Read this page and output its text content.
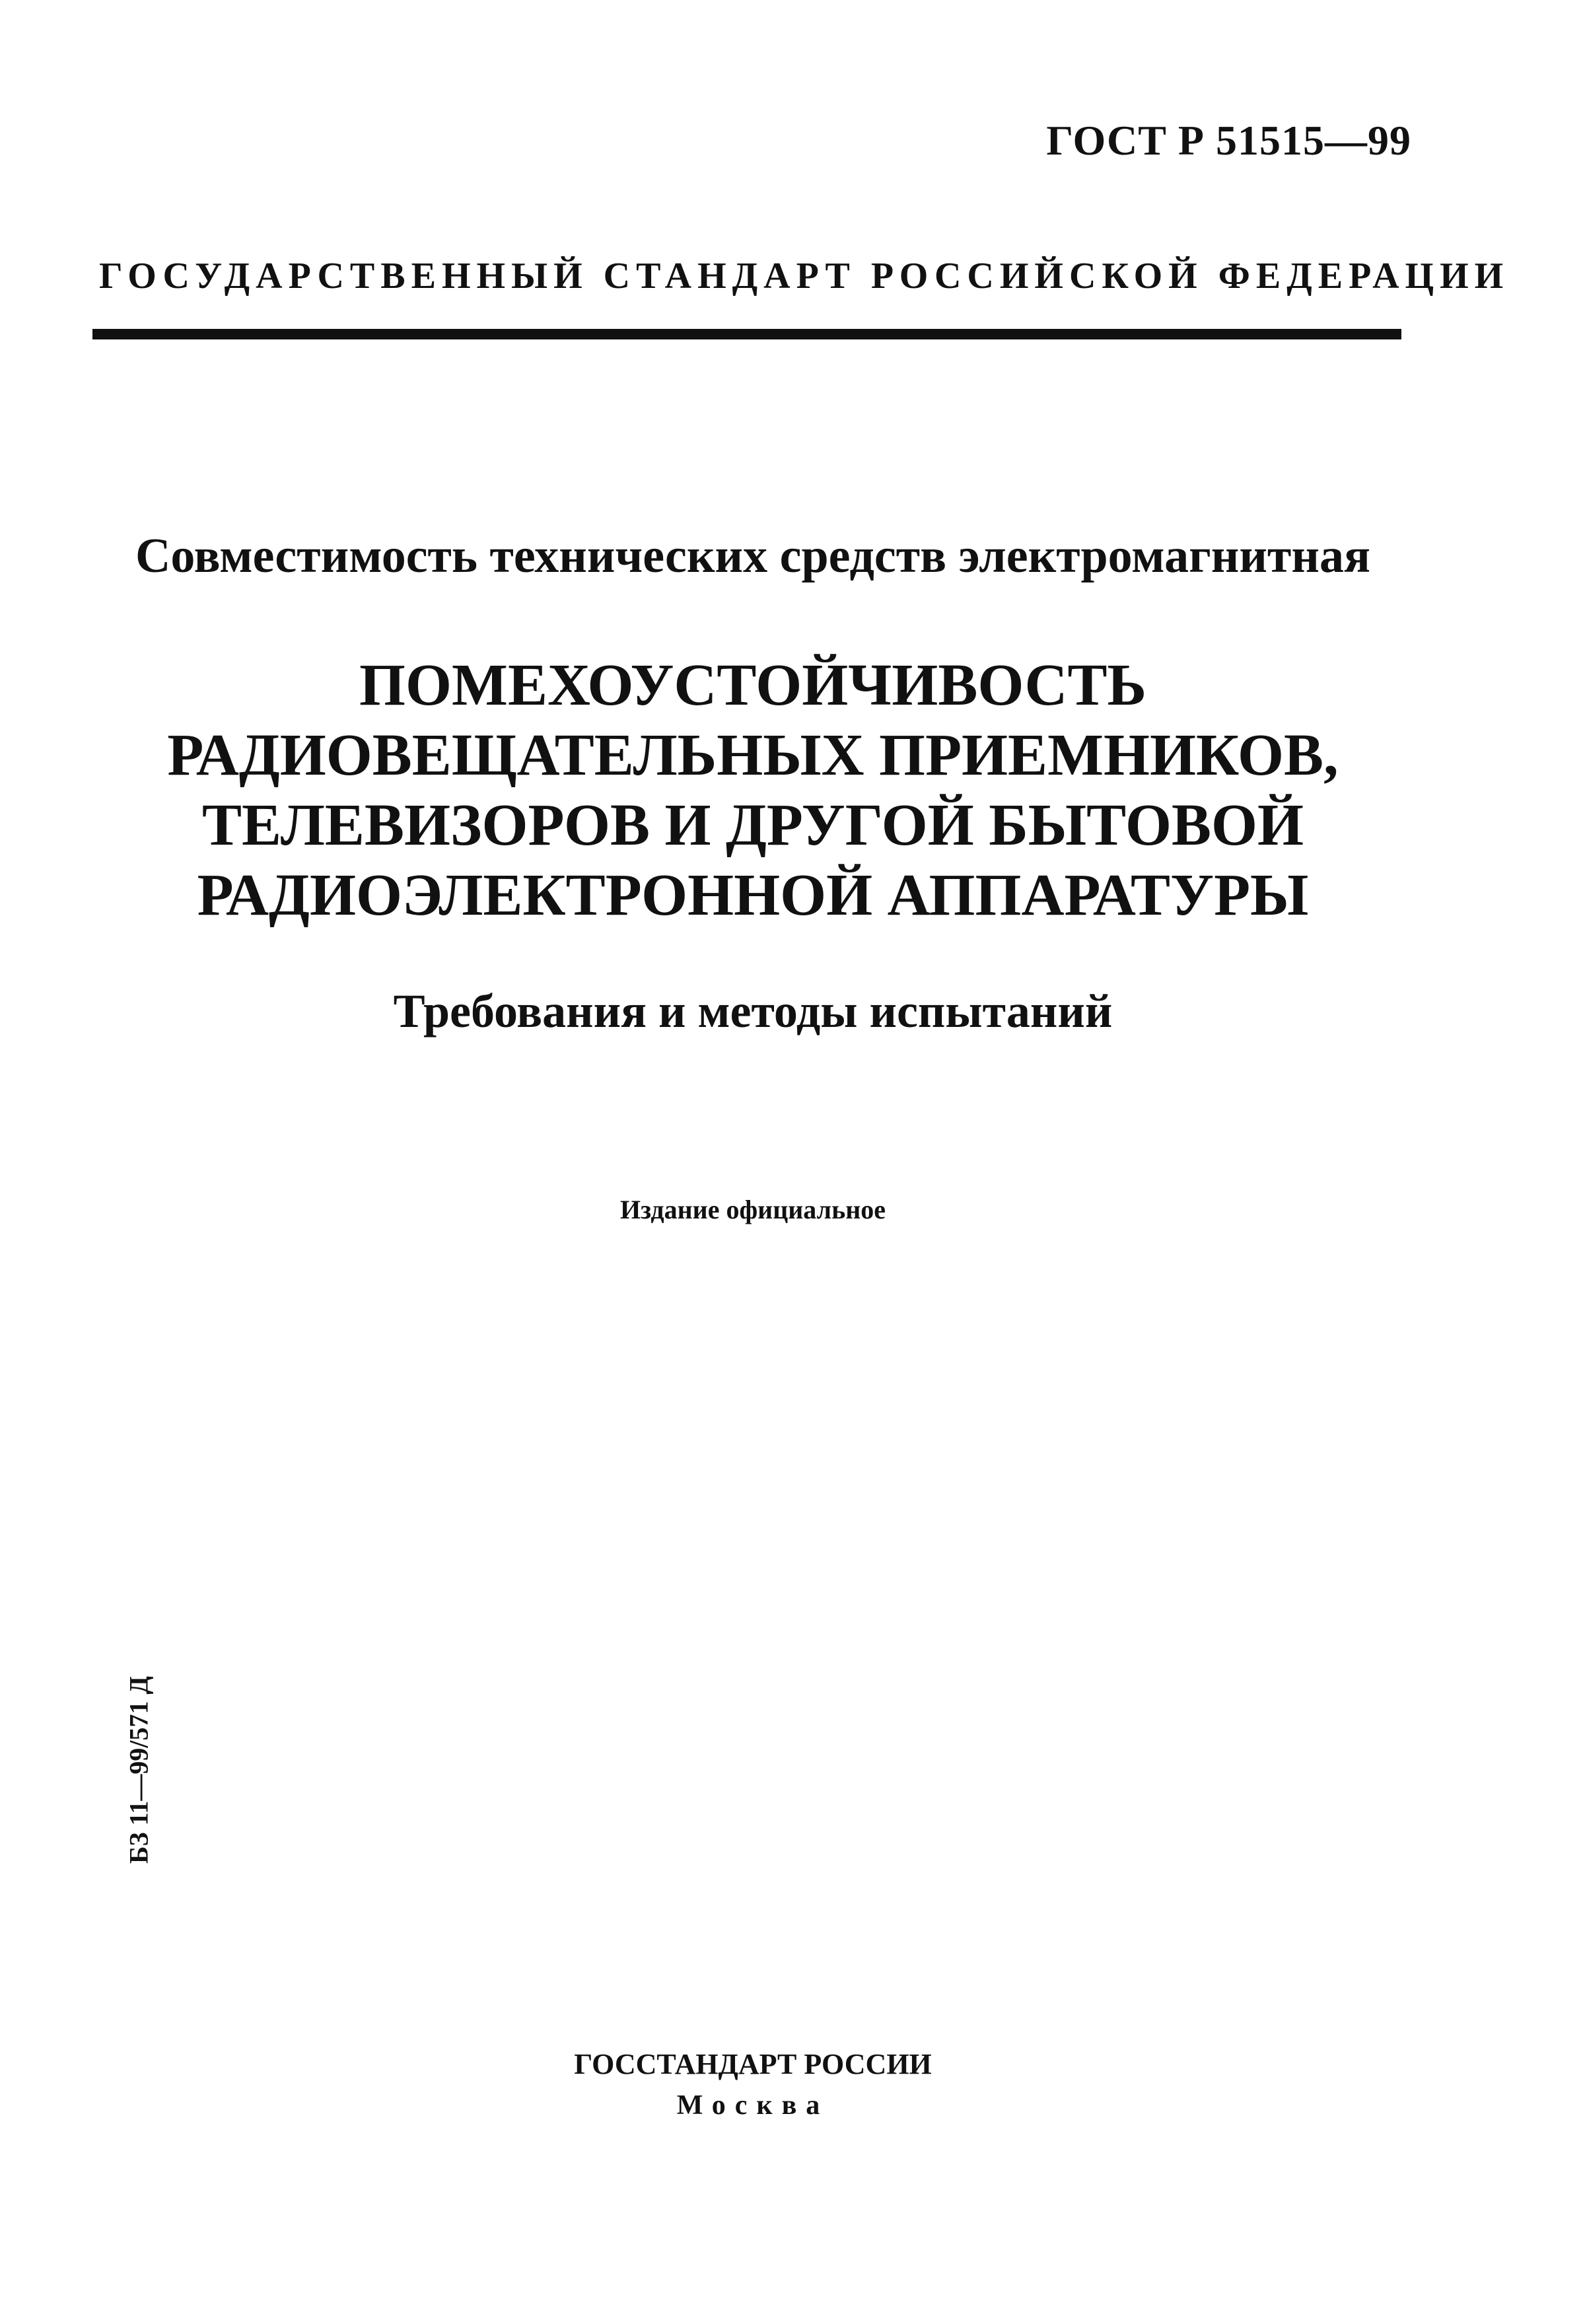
ГОСТ Р 51515—99
ГОСУДАРСТВЕННЫЙ СТАНДАРТ РОССИЙСКОЙ ФЕДЕРАЦИИ
Совместимость технических средств электромагнитная
ПОМЕХОУСТОЙЧИВОСТЬ
РАДИОВЕЩАТЕЛЬНЫХ ПРИЕМНИКОВ,
ТЕЛЕВИЗОРОВ И ДРУГОЙ БЫТОВОЙ
РАДИОЭЛЕКТРОННОЙ АППАРАТУРЫ
Требования и методы испытаний
Издание официальное
БЗ 11—99/571 Д
ГОССТАНДАРТ РОССИИ
Москва
